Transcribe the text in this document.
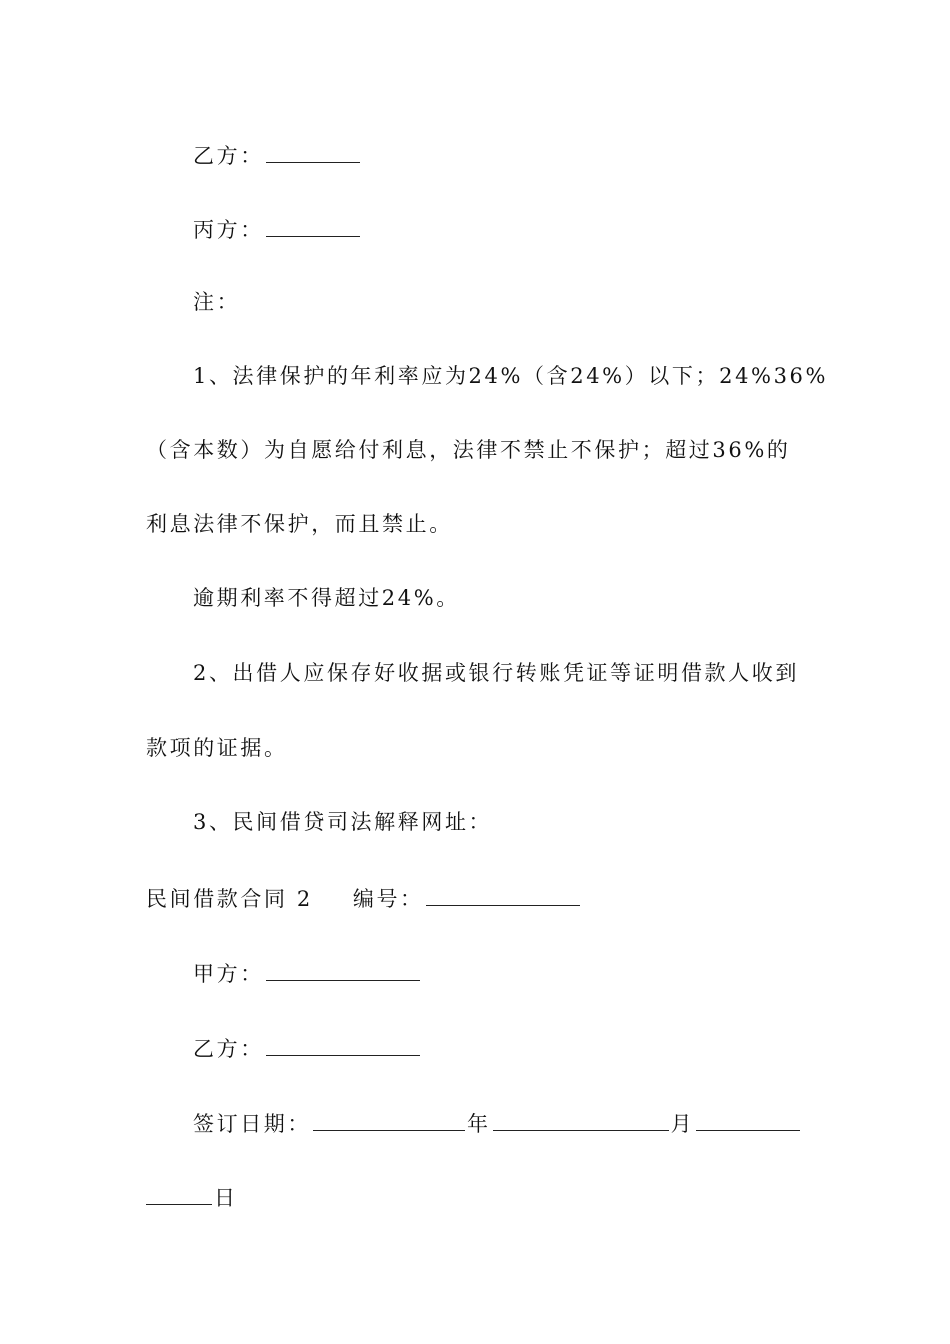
乙方：
丙方：
注：
1、法律保护的年利率应为24%（含24%）以下；24%36%
（含本数）为自愿给付利息，法律不禁止不保护；超过36%的
利息法律不保护，而且禁止。
逾期利率不得超过24%。
2、出借人应保存好收据或银行转账凭证等证明借款人收到
款项的证据。
3、民间借贷司法解释网址：
民间借款合同 2 编号：
甲方：
乙方：
签订日期：	年	月
日
